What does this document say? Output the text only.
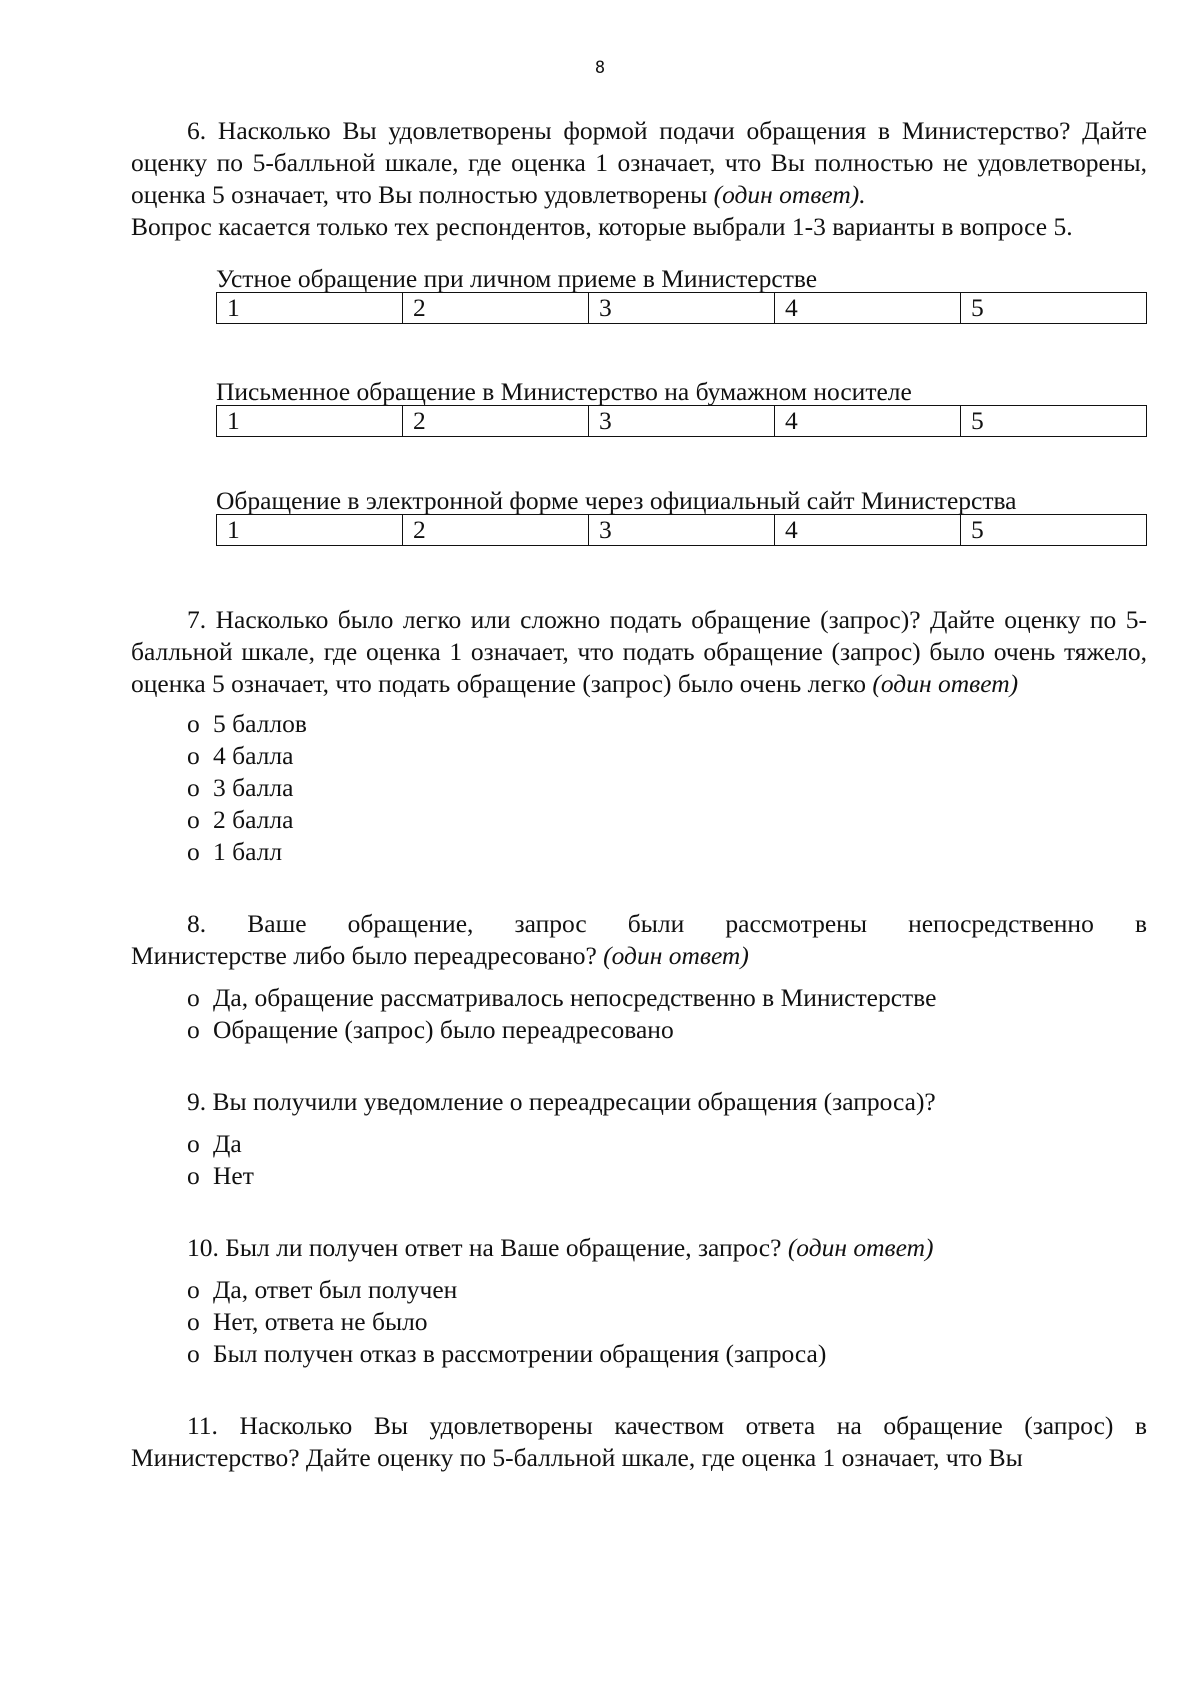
8

6. Насколько Вы удовлетворены формой подачи обращения в Министерство? Дайте оценку по 5-балльной шкале, где оценка 1 означает, что Вы полностью не удовлетворены, оценка 5 означает, что Вы полностью удовлетворены (один ответ).
Вопрос касается только тех респондентов, которые выбрали 1-3 варианты в вопросе 5.

Устное обращение при личном приеме в Министерстве

1	2	3	4	5

Письменное обращение в Министерство на бумажном носителе

1	2	3	4	5

Обращение в электронной форме через официальный сайт Министерства

1	2	3	4	5

7. Насколько было легко или сложно подать обращение (запрос)? Дайте оценку по 5-балльной шкале, где оценка 1 означает, что подать обращение (запрос) было очень тяжело, оценка 5 означает, что подать обращение (запрос) было очень легко (один ответ)

o 5 баллов
o 4 балла
o 3 балла
o 2 балла
o 1 балл
8. Ваше обращение, запрос были рассмотрены непосредственно в

Министерстве либо было переадресовано? (один ответ)

o Да, обращение рассматривалось непосредственно в Министерстве
o Обращение (запрос) было переадресовано

9. Вы получили уведомление о переадресации обращения (запроса)?

o Да
o Нет

10. Был ли получен ответ на Ваше обращение, запрос? (один ответ)

o Да, ответ был получен
o Нет, ответа не было
o Был получен отказ в рассмотрении обращения (запроса)

11. Насколько Вы удовлетворены качеством ответа на обращение (запрос) в Министерство? Дайте оценку по 5-балльной шкале, где оценка 1 означает, что Вы
